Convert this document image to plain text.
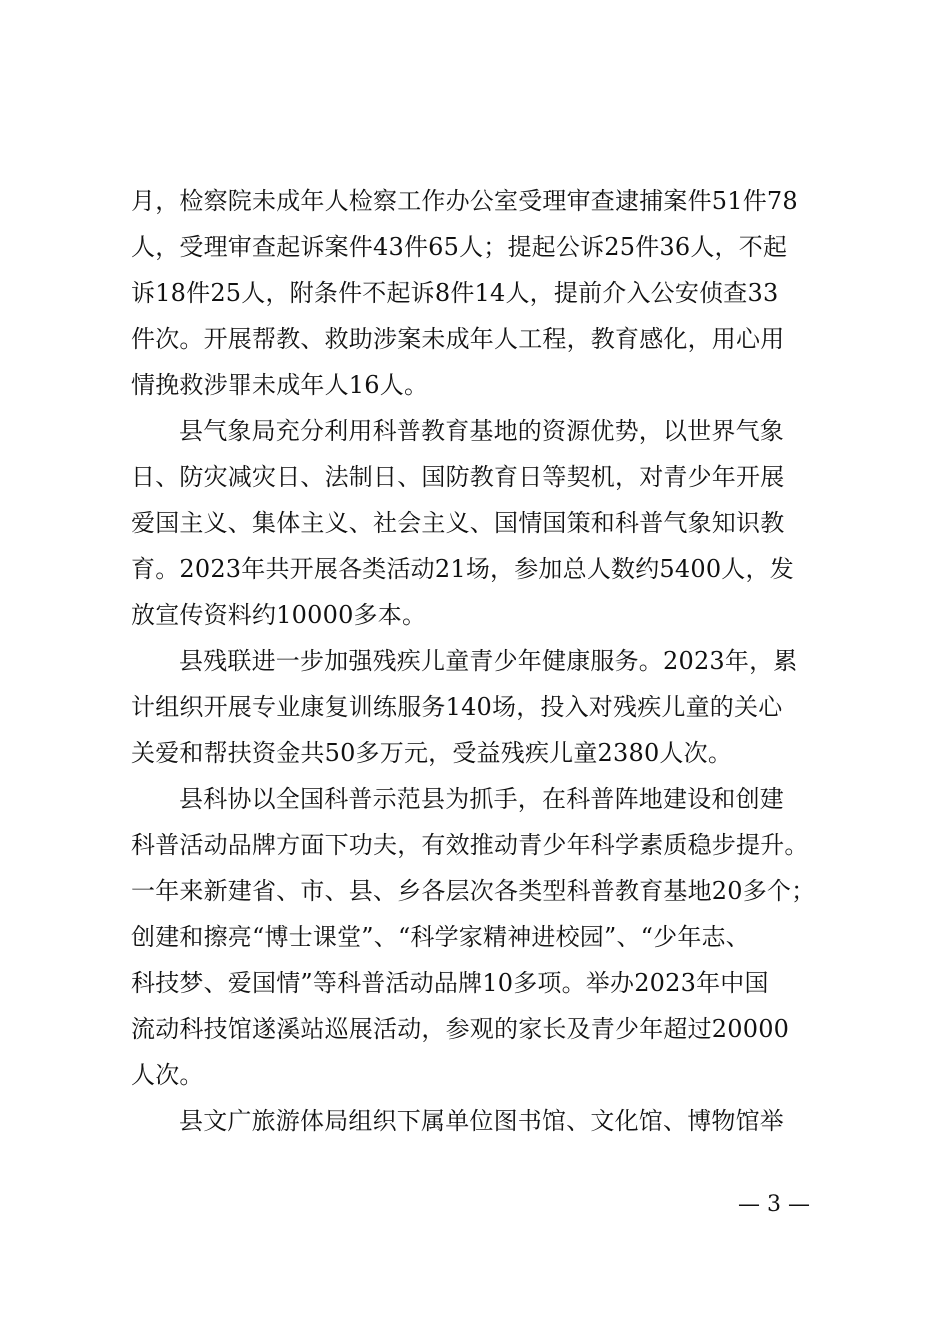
月，检察院未成年人检察工作办公室受理审查逮捕案件51件78
人，受理审查起诉案件43件65人；提起公诉25件36人，不起
诉18件25人，附条件不起诉8件14人，提前介入公安侦查33
件次。开展帮教、救助涉案未成年人工程，教育感化，用心用
情挽救涉罪未成年人16人。
县气象局充分利用科普教育基地的资源优势，以世界气象
日、防灾减灾日、法制日、国防教育日等契机，对青少年开展
爱国主义、集体主义、社会主义、国情国策和科普气象知识教
育。2023年共开展各类活动21场，参加总人数约5400人，发
放宣传资料约10000多本。
县残联进一步加强残疾儿童青少年健康服务。2023年，累
计组织开展专业康复训练服务140场，投入对残疾儿童的关心
关爱和帮扶资金共50多万元，受益残疾儿童2380人次。
县科协以全国科普示范县为抓手，在科普阵地建设和创建
科普活动品牌方面下功夫，有效推动青少年科学素质稳步提升。
一年来新建省、市、县、乡各层次各类型科普教育基地20多个；
创建和擦亮“博士课堂”、“科学家精神进校园”、“少年志、
科技梦、爱国情”等科普活动品牌10多项。举办2023年中国
流动科技馆遂溪站巡展活动，参观的家长及青少年超过20000
人次。
县文广旅游体局组织下属单位图书馆、文化馆、博物馆举
— 3 —
